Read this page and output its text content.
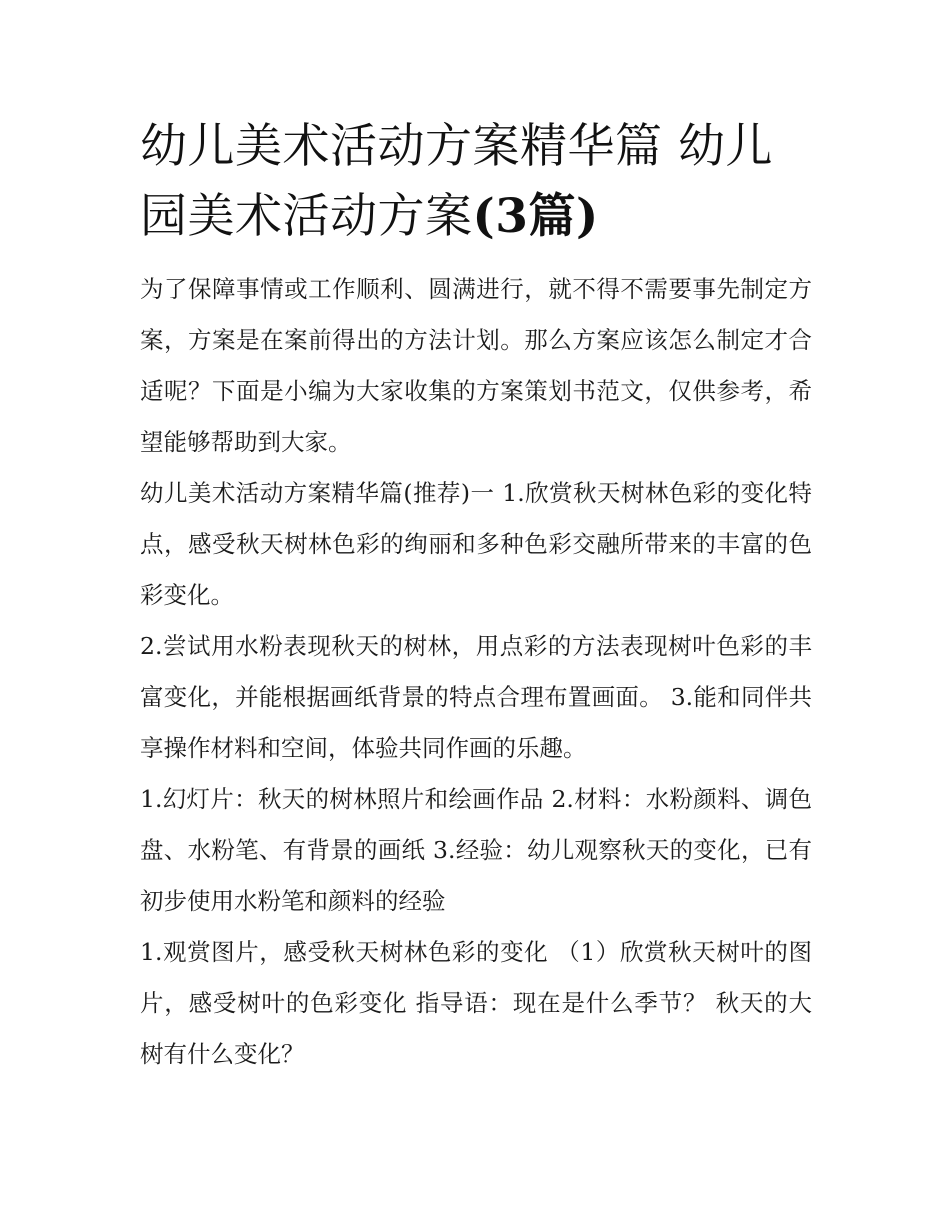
幼儿美术活动方案精华篇 幼儿园美术活动方案(3篇)

为了保障事情或工作顺利、圆满进行，就不得不需要事先制定方案，方案是在案前得出的方法计划。那么方案应该怎么制定才合适呢？下面是小编为大家收集的方案策划书范文，仅供参考，希望能够帮助到大家。

幼儿美术活动方案精华篇(推荐)一 1.欣赏秋天树林色彩的变化特点，感受秋天树林色彩的绚丽和多种色彩交融所带来的丰富的色彩变化。

2.尝试用水粉表现秋天的树林，用点彩的方法表现树叶色彩的丰富变化，并能根据画纸背景的特点合理布置画面。 3.能和同伴共享操作材料和空间，体验共同作画的乐趣。

1.幻灯片：秋天的树林照片和绘画作品 2.材料：水粉颜料、调色盘、水粉笔、有背景的画纸 3.经验：幼儿观察秋天的变化，已有初步使用水粉笔和颜料的经验

1.观赏图片，感受秋天树林色彩的变化 （1）欣赏秋天树叶的图片，感受树叶的色彩变化 指导语：现在是什么季节？ 秋天的大树有什么变化？
